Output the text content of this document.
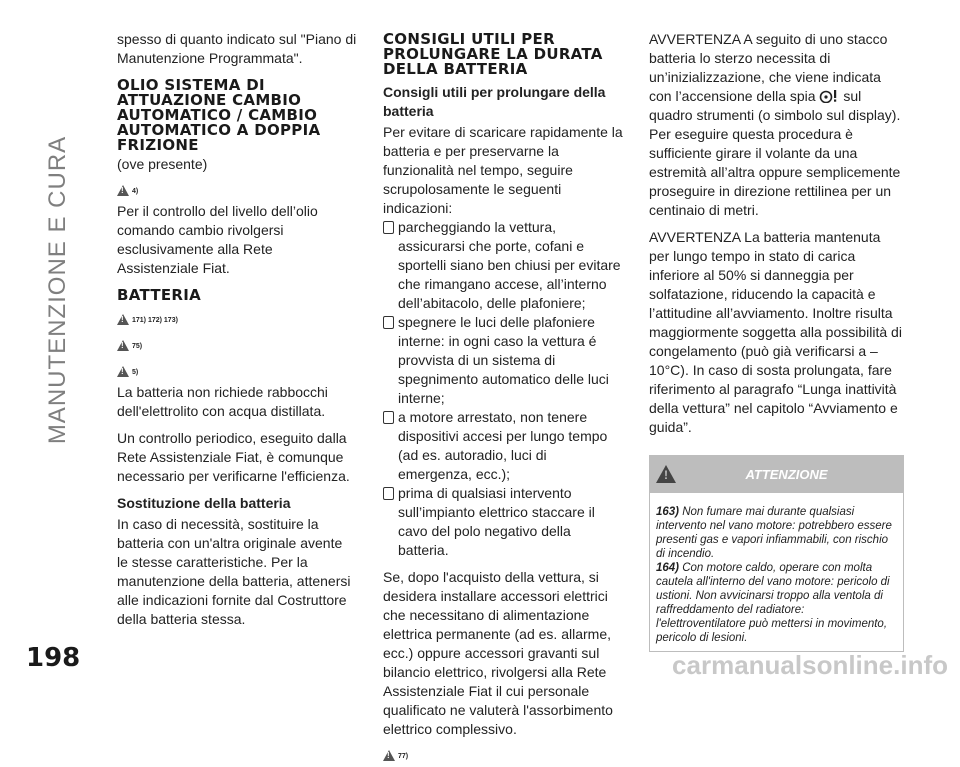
MANUTENZIONE E CURA
198	carmanualsonline.info

spesso di quanto indicato sul "Piano di Manutenzione Programmata".

OLIO SISTEMA DI ATTUAZIONE CAMBIO AUTOMATICO / CAMBIO AUTOMATICO A DOPPIA FRIZIONE

(ove presente)

!
4)

Per il controllo del livello dell’olio comando cambio rivolgersi esclusivamente alla Rete Assistenziale Fiat.

BATTERIA
!
171) 172) 173)
!
75)
!
5)

La batteria non richiede rabbocchi dell'elettrolito con acqua distillata.

Un controllo periodico, eseguito dalla Rete Assistenziale Fiat, è comunque necessario per verificarne l'efficienza.

Sostituzione della batteria

In caso di necessità, sostituire la batteria con un'altra originale avente le stesse caratteristiche. Per la manutenzione della batteria, attenersi alle indicazioni fornite dal Costruttore della batteria stessa.

CONSIGLI UTILI PER PROLUNGARE LA DURATA DELLA BATTERIA
Consigli utili per prolungare della batteria

Per evitare di scaricare rapidamente la batteria e per preservarne la funzionalità nel tempo, seguire scrupolosamente le seguenti indicazioni:

parcheggiando la vettura, assicurarsi che porte, cofani e sportelli siano ben chiusi per evitare che rimangano accese, all’interno dell’abitacolo, delle plafoniere;
spegnere le luci delle plafoniere interne: in ogni caso la vettura é provvista di un sistema di spegnimento automatico delle luci interne;
a motore arrestato, non tenere dispositivi accesi per lungo tempo (ad es. autoradio, luci di emergenza, ecc.);
prima di qualsiasi intervento sull’impianto elettrico staccare il cavo del polo negativo della batteria.

Se, dopo l'acquisto della vettura, si desidera installare accessori elettrici che necessitano di alimentazione elettrica permanente (ad es. allarme, ecc.) oppure accessori gravanti sul bilancio elettrico, rivolgersi alla Rete Assistenziale Fiat il cui personale qualificato ne valuterà l'assorbimento elettrico complessivo.

!
77)

AVVERTENZA A seguito di uno stacco batteria lo sterzo necessita di un’inizializzazione, che viene indicata con l’accensione della spia sul quadro strumenti (o simbolo sul display). Per eseguire questa procedura è sufficiente girare il volante da una estremità all’altra oppure semplicemente proseguire in direzione rettilinea per un centinaio di metri.

AVVERTENZA La batteria mantenuta per lungo tempo in stato di carica inferiore al 50% si danneggia per solfatazione, riducendo la capacità e l’attitudine all’avviamento. Inoltre risulta maggiormente soggetta alla possibilità di congelamento (può già verificarsi a –10°C). In caso di sosta prolungata, fare riferimento al paragrafo “Lunga inattività della vettura” nel capitolo “Avviamento e guida”.

!
ATTENZIONE
163) Non fumare mai durante qualsiasi intervento nel vano motore: potrebbero essere presenti gas e vapori infiammabili, con rischio di incendio.
164) Con motore caldo, operare con molta cautela all'interno del vano motore: pericolo di ustioni. Non avvicinarsi troppo alla ventola di raffreddamento del radiatore: l'elettroventilatore può mettersi in movimento, pericolo di lesioni.
